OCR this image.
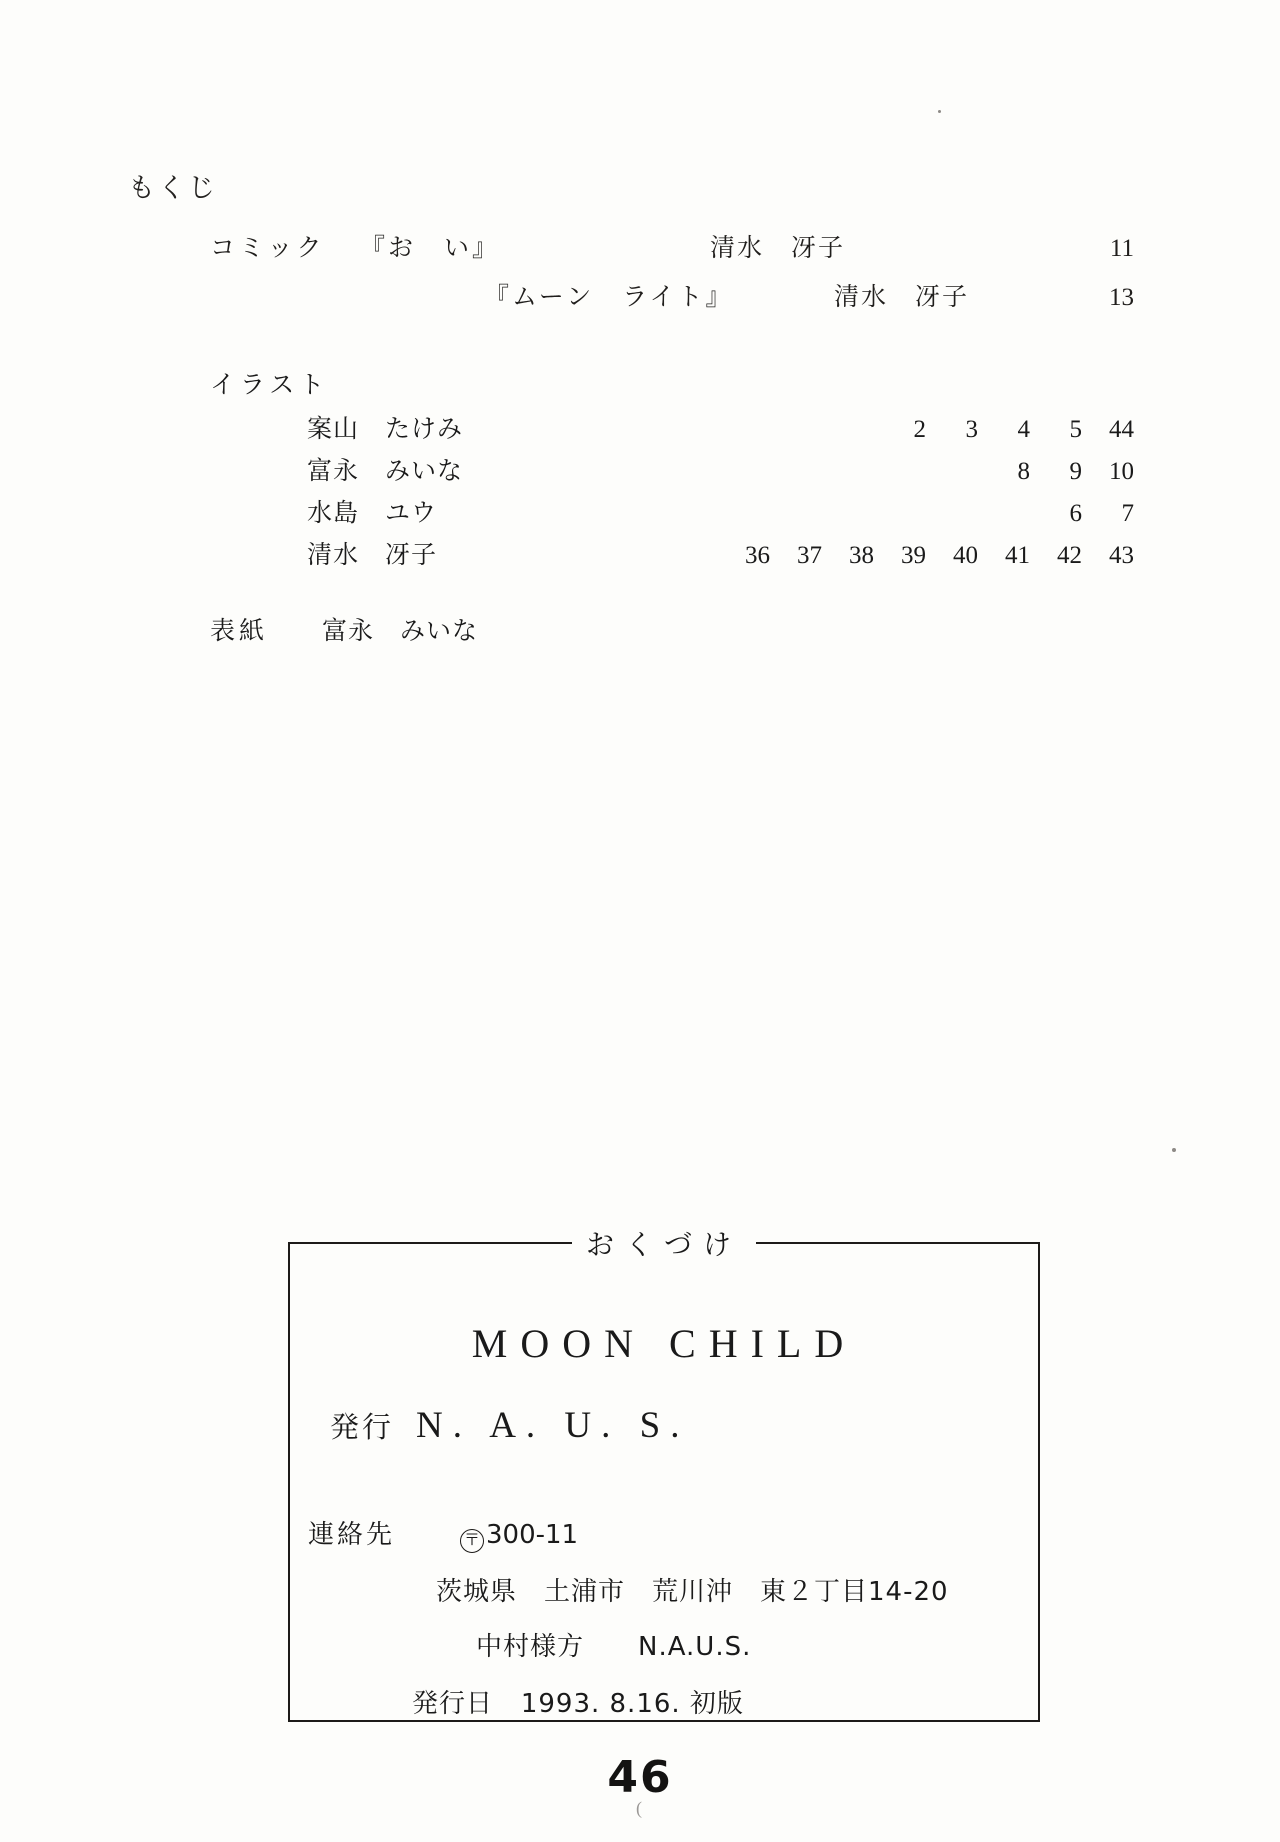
もくじ
コミック	『お　い』	清水　冴子	11
『ムーン　ライト』	清水　冴子	13
イラスト
案山　たけみ	2 3 4 5 44
富永　みいな	8 9 10
水島　ユウ	6 7
清水　冴子	36 37 38 39 40 41 42 43
表紙	富永　みいな
おくづけ
MOON CHILD
発行 N. A. U. S.
連絡先	〒 300-11
茨城県　土浦市　荒川沖　東２丁目14-20
中村様方　　N.A.U.S.
発行日 1993. 8.16. 初版
46
(
